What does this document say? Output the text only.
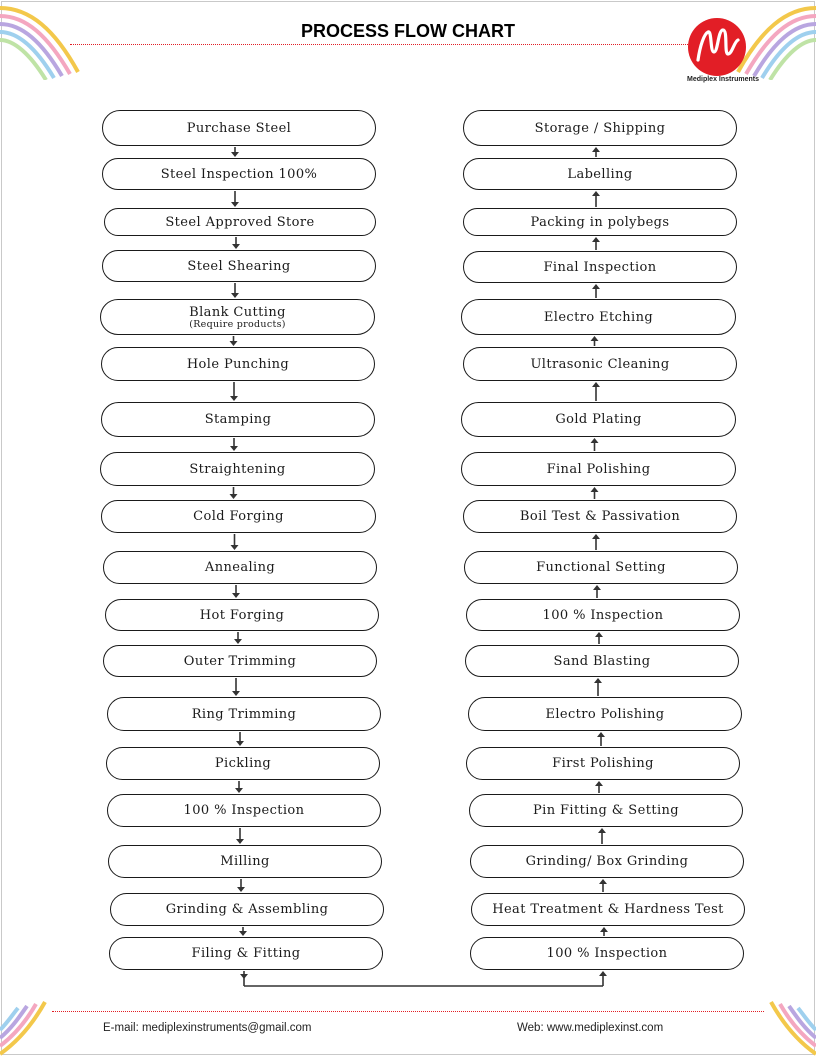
PROCESS FLOW CHART
Mediplex Instruments
Purchase Steel
Steel Inspection 100%
Steel Approved Store
Steel Shearing
Blank Cutting
(Require products)
Hole Punching
Stamping
Straightening
Cold Forging
Annealing
Hot Forging
Outer Trimming
Ring Trimming
Pickling
100 % Inspection
Milling
Grinding & Assembling
Filing & Fitting
Storage / Shipping
Labelling
Packing in polybegs
Final Inspection
Electro Etching
Ultrasonic Cleaning
Gold Plating
Final Polishing
Boil Test & Passivation
Functional Setting
100 % Inspection
Sand Blasting
Electro Polishing
First Polishing
Pin Fitting & Setting
Grinding/ Box Grinding
Heat Treatment & Hardness Test
100 % Inspection
E-mail: mediplexinstruments@gmail.com	Web: www.mediplexinst.com
